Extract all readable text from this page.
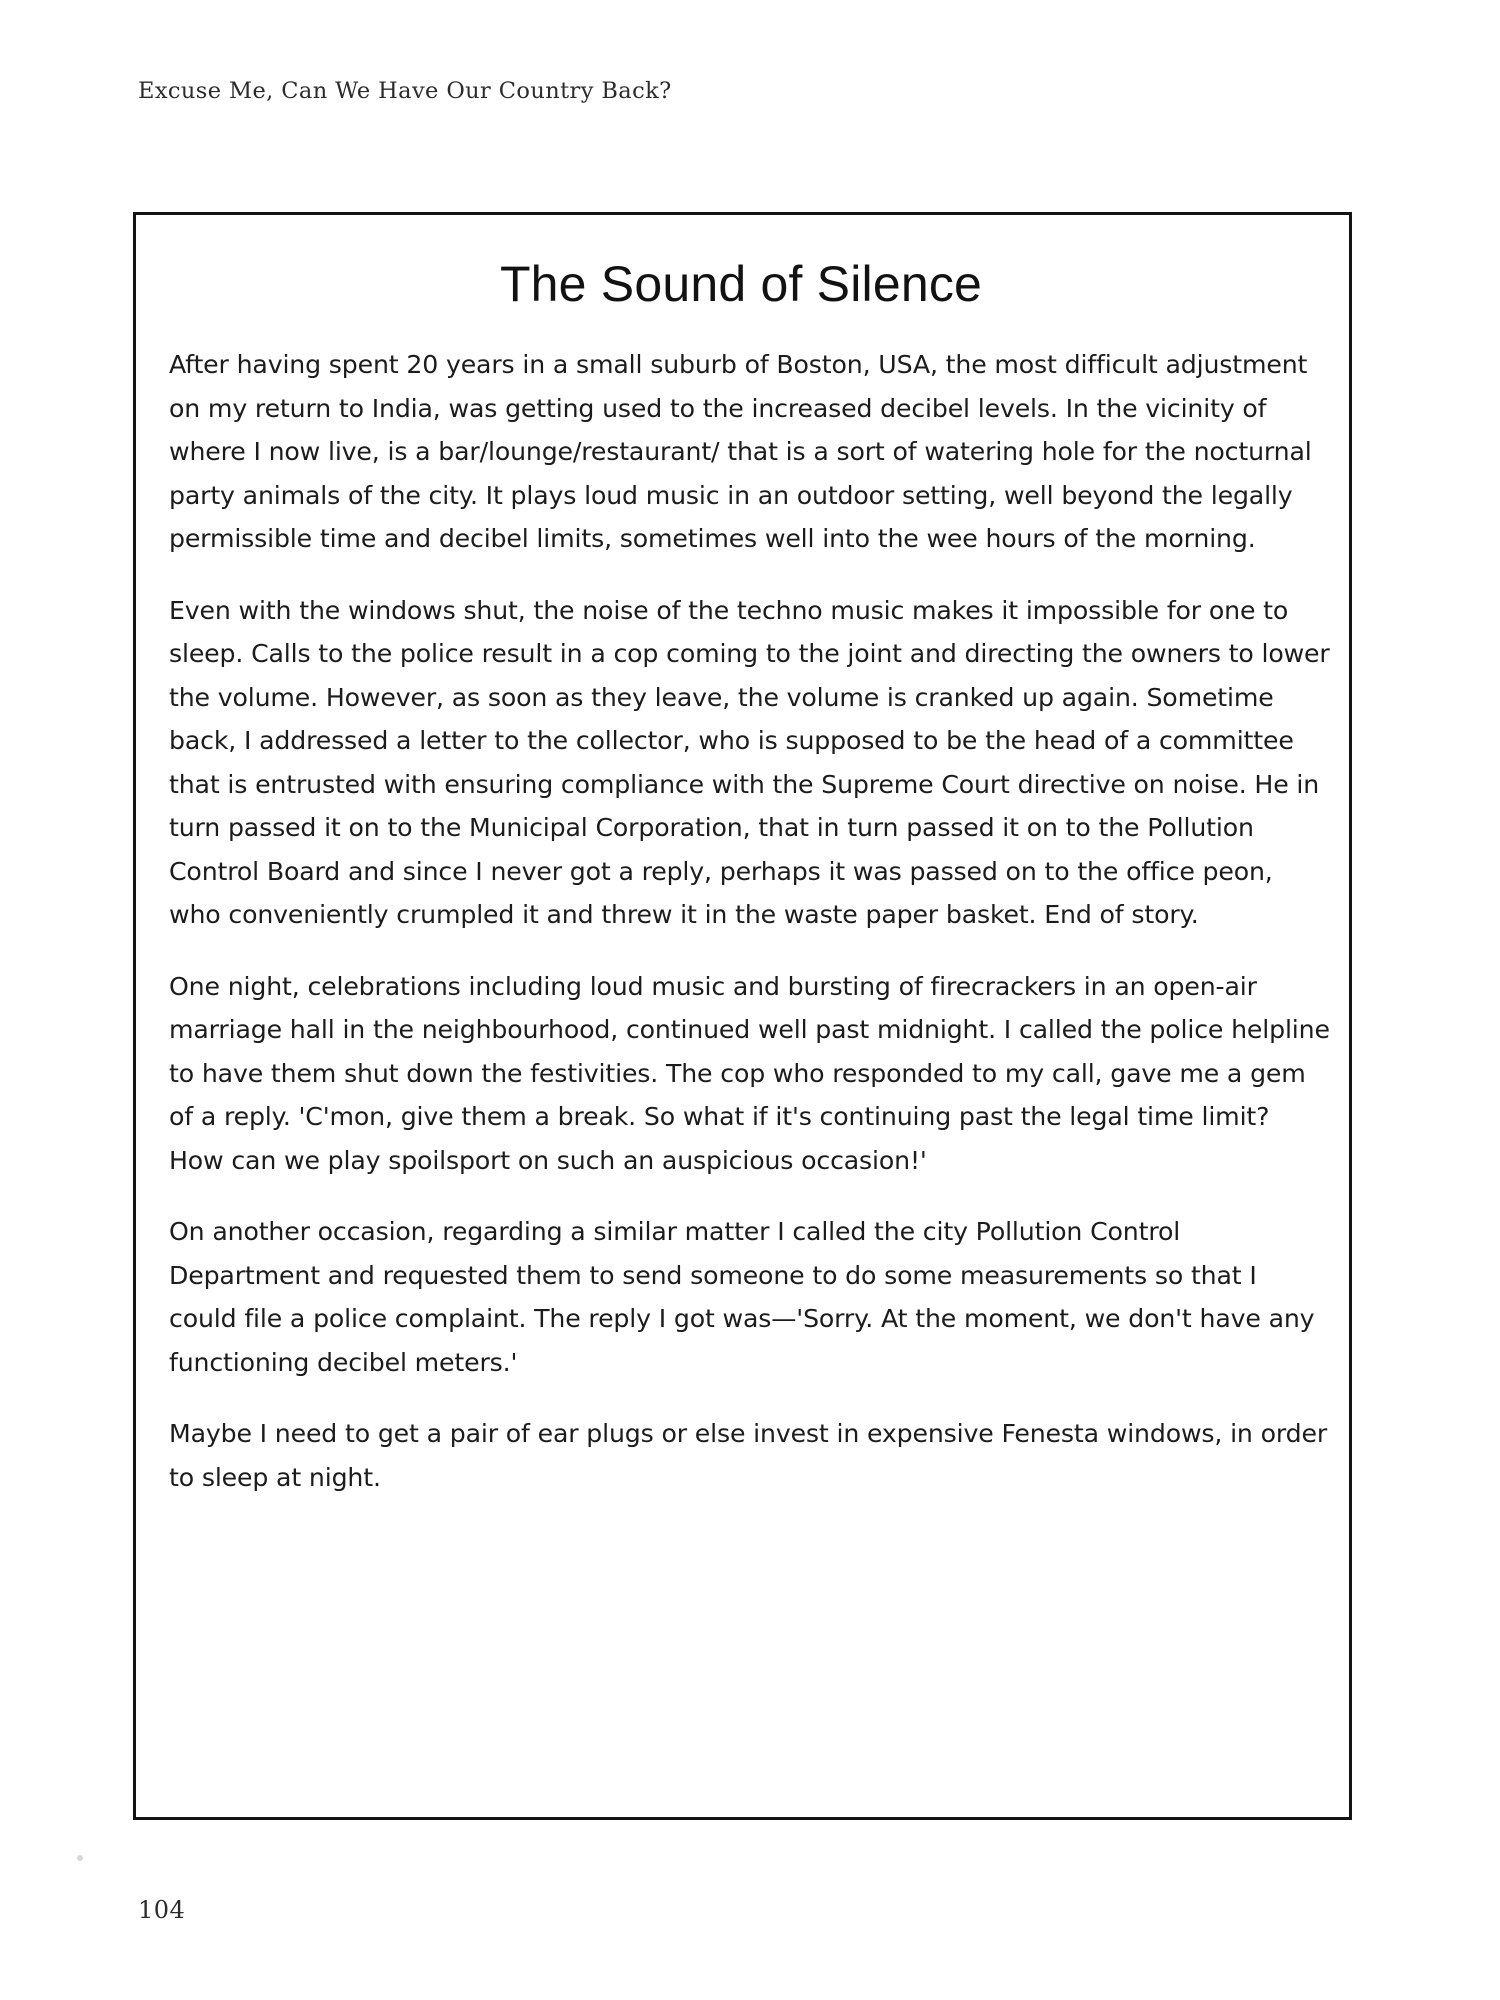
Excuse Me, Can We Have Our Country Back?
The Sound of Silence

After having spent 20 years in a small suburb of Boston, USA, the most difficult adjustment on my return to India, was getting used to the increased decibel levels. In the vicinity of where I now live, is a bar/lounge/restaurant/ that is a sort of watering hole for the nocturnal party animals of the city. It plays loud music in an outdoor setting, well beyond the legally permissible time and decibel limits, sometimes well into the wee hours of the morning.

Even with the windows shut, the noise of the techno music makes it impossible for one to sleep. Calls to the police result in a cop coming to the joint and directing the owners to lower the volume. However, as soon as they leave, the volume is cranked up again. Sometime back, I addressed a letter to the collector, who is supposed to be the head of a committee that is entrusted with ensuring compliance with the Supreme Court directive on noise. He in turn passed it on to the Municipal Corporation, that in turn passed it on to the Pollution Control Board and since I never got a reply, perhaps it was passed on to the office peon, who conveniently crumpled it and threw it in the waste paper basket. End of story.

One night, celebrations including loud music and bursting of firecrackers in an open-air marriage hall in the neighbourhood, continued well past midnight. I called the police helpline to have them shut down the festivities. The cop who responded to my call, gave me a gem of a reply. 'C'mon, give them a break. So what if it's continuing past the legal time limit? How can we play spoilsport on such an auspicious occasion!'

On another occasion, regarding a similar matter I called the city Pollution Control Department and requested them to send someone to do some measurements so that I could file a police complaint. The reply I got was—'Sorry. At the moment, we don't have any functioning decibel meters.'

Maybe I need to get a pair of ear plugs or else invest in expensive Fenesta windows, in order to sleep at night.

104
